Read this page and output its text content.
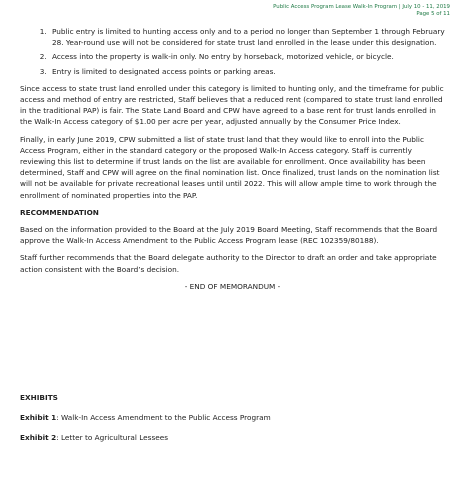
Public Access Program Lease Walk-In Program | July 10 - 11, 2019
Page 5 of 11
1. Public entry is limited to hunting access only and to a period no longer than September 1 through February 28. Year-round use will not be considered for state trust land enrolled in the lease under this designation.
2. Access into the property is walk-in only. No entry by horseback, motorized vehicle, or bicycle.
3. Entry is limited to designated access points or parking areas.

Since access to state trust land enrolled under this category is limited to hunting only, and the timeframe for public access and method of entry are restricted, Staff believes that a reduced rent (compared to state trust land enrolled in the traditional PAP) is fair. The State Land Board and CPW have agreed to a base rent for trust lands enrolled in the Walk-In Access category of $1.00 per acre per year, adjusted annually by the Consumer Price Index.

Finally, in early June 2019, CPW submitted a list of state trust land that they would like to enroll into the Public Access Program, either in the standard category or the proposed Walk-In Access category. Staff is currently reviewing this list to determine if trust lands on the list are available for enrollment. Once availability has been determined, Staff and CPW will agree on the final nomination list. Once finalized, trust lands on the nomination list will not be available for private recreational leases until until 2022. This will allow ample time to work through the enrollment of nominated properties into the PAP.

RECOMMENDATION

Based on the information provided to the Board at the July 2019 Board Meeting, Staff recommends that the Board approve the Walk-In Access Amendment to the Public Access Program lease (REC 102359/80188).

Staff further recommends that the Board delegate authority to the Director to draft an order and take appropriate action consistent with the Board’s decision.

- END OF MEMORANDUM -
EXHIBITS
Exhibit 1: Walk-In Access Amendment to the Public Access Program
Exhibit 2: Letter to Agricultural Lessees
